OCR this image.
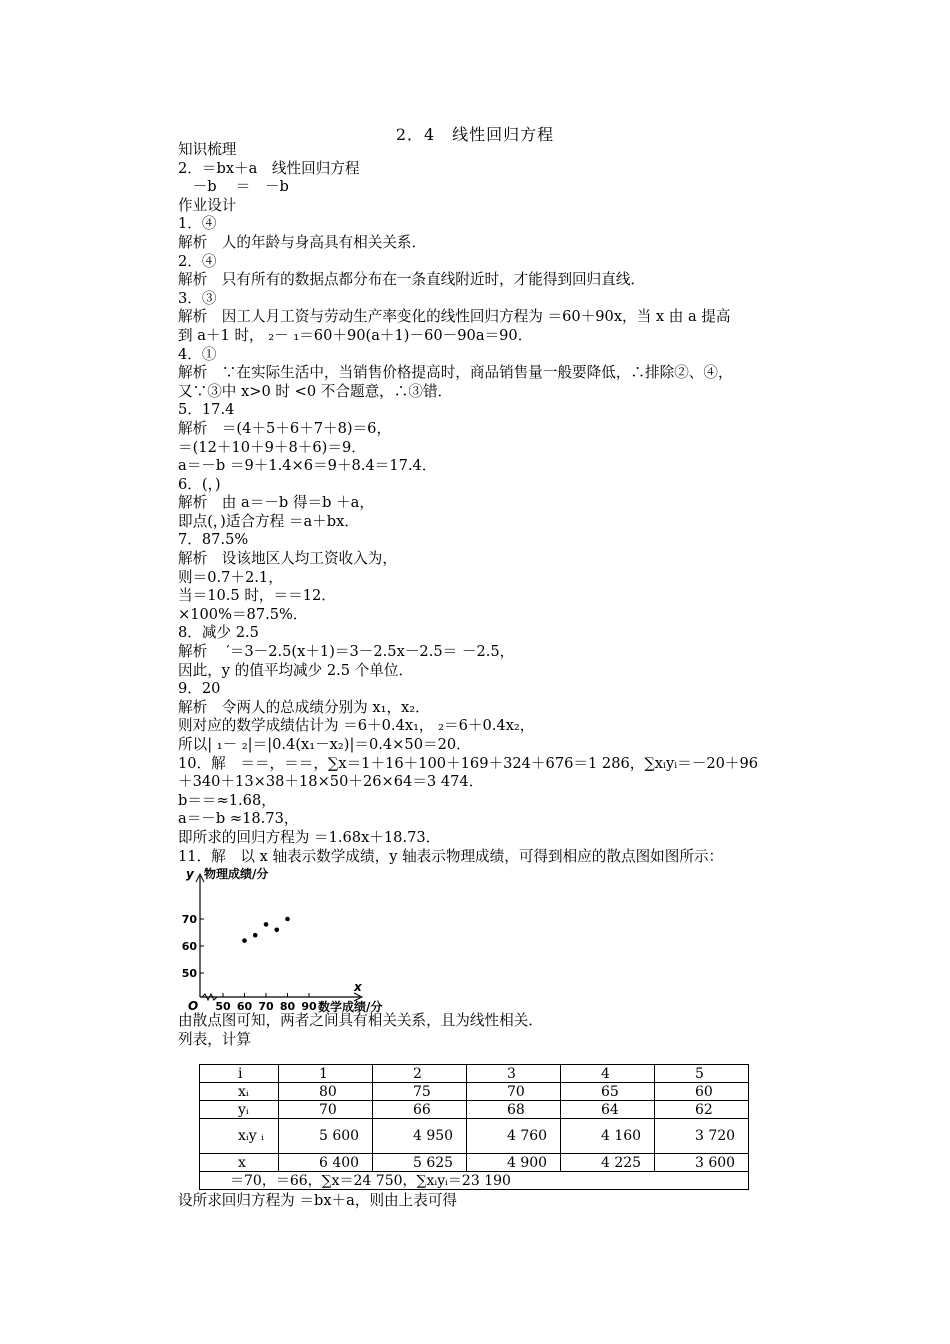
2．4　线性回归方程
知识梳理
2．＝bx＋a　线性回归方程
　－b　 ＝　－b
作业设计
1．④
解析　人的年龄与身高具有相关关系．
2．④
解析　只有所有的数据点都分布在一条直线附近时，才能得到回归直线．
3．③
解析　因工人月工资与劳动生产率变化的线性回归方程为 ＝60＋90x，当 x 由 a 提高
到 a＋1 时， ₂－ ₁＝60＋90(a＋1)－60－90a＝90．
4．①
解析　∵在实际生活中，当销售价格提高时，商品销售量一般要降低，∴排除②、④，
又∵③中 x>0 时 <0 不合题意，∴③错．
5．17.4
解析　＝(4＋5＋6＋7＋8)＝6，
＝(12＋10＋9＋8＋6)＝9．
a＝－b ＝9＋1.4×6＝9＋8.4＝17.4．
6．(，)
解析　由 a＝－b 得＝b ＋a，
即点(，)适合方程 ＝a＋bx．
7．87.5%
解析　设该地区人均工资收入为，
则＝0.7＋2.1，
当＝10.5 时，＝＝12．
×100%＝87.5%．
8．减少 2.5
解析　 ′＝3－2.5(x＋1)＝3－2.5x－2.5＝ －2.5，
因此，y 的值平均减少 2.5 个单位．
9．20
解析　令两人的总成绩分别为 x₁，x₂．
则对应的数学成绩估计为 ＝6＋0.4x₁， ₂＝6＋0.4x₂，
所以| ₁－ ₂|＝|0.4(x₁－x₂)|＝0.4×50＝20．
10．解　＝＝，＝＝，∑x＝1＋16＋100＋169＋324＋676＝1 286，∑xᵢyᵢ＝－20＋96
＋340＋13×38＋18×50＋26×64＝3 474．
b＝＝≈1.68，
a＝－b ≈18.73，
即所求的回归方程为 ＝1.68x＋18.73．
11．解　以 x 轴表示数学成绩，y 轴表示物理成绩，可得到相应的散点图如图所示：
50 60 70 80 90
70
60
50
O
y 物理成绩/分
x
数学成绩/分
由散点图可知，两者之间具有相关关系，且为线性相关．
列表，计算
i	1	2	3	4	5
xᵢ	80	75	70	65	60
yᵢ	70	66	68	64	62
xᵢy ᵢ	5 600	4 950	4 760	4 160	3 720
x	6 400	5 625	4 900	4 225	3 600
＝70，＝66，∑x＝24 750，∑xᵢyᵢ＝23 190					
设所求回归方程为 ＝bx＋a，则由上表可得
